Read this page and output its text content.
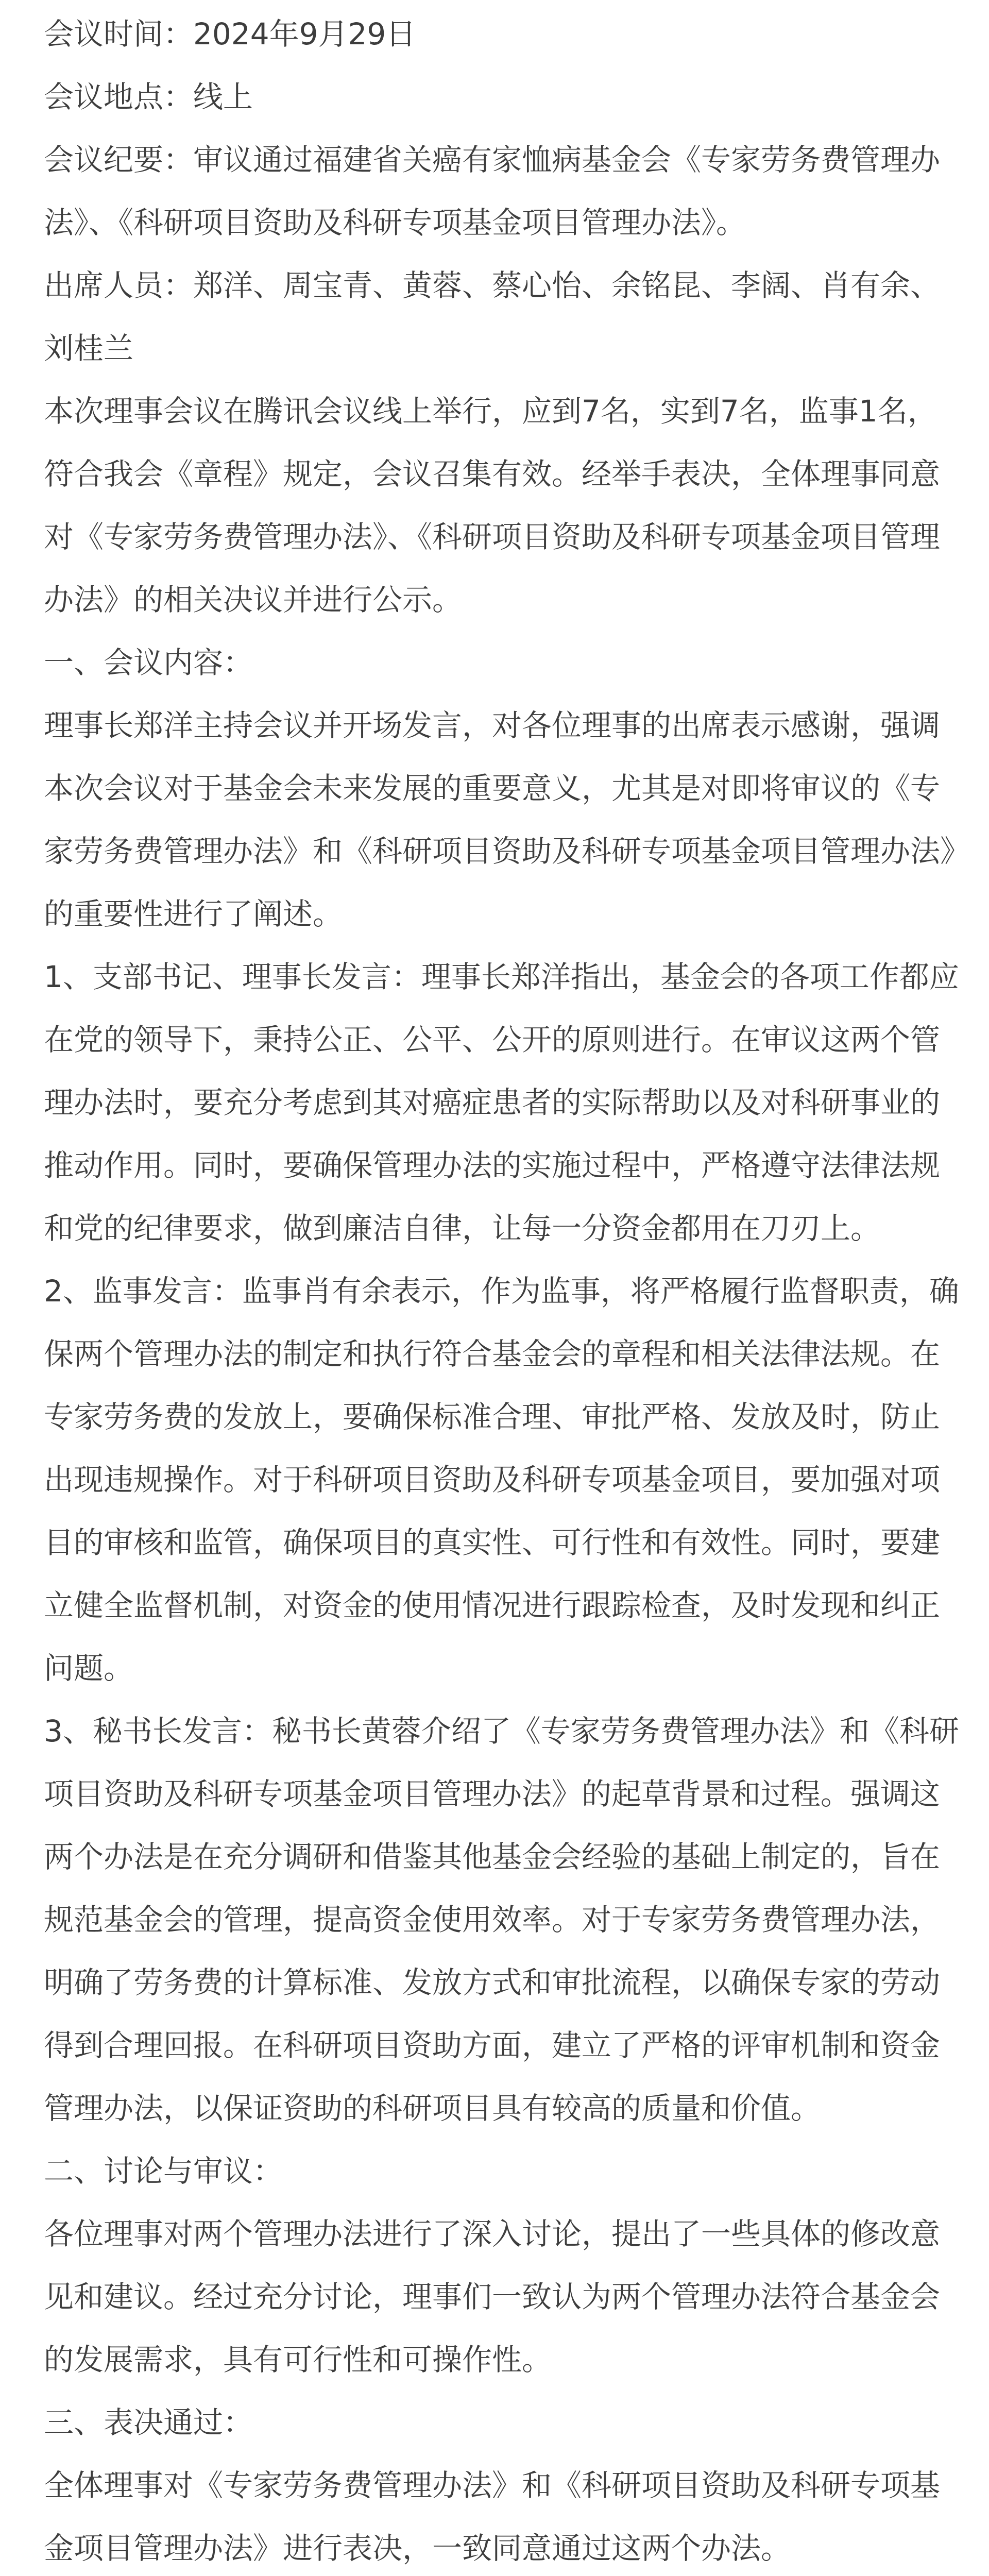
会议时间：2024年9月29日

会议地点：线上

会议纪要：审议通过福建省关癌有家恤病基金会《专家劳务费管理办法》、《科研项目资助及科研专项基金项目管理办法》。

出席人员：郑洋、周宝青、黄蓉、蔡心怡、余铭昆、李阔、肖有余、刘桂兰

本次理事会议在腾讯会议线上举行，应到7名，实到7名，监事1名，符合我会《章程》规定，会议召集有效。经举手表决，全体理事同意对《专家劳务费管理办法》、《科研项目资助及科研专项基金项目管理办法》的相关决议并进行公示。

一、会议内容：

理事长郑洋主持会议并开场发言，对各位理事的出席表示感谢，强调本次会议对于基金会未来发展的重要意义，尤其是对即将审议的《专家劳务费管理办法》和《科研项目资助及科研专项基金项目管理办法》的重要性进行了阐述。

1、支部书记、理事长发言：理事长郑洋指出，基金会的各项工作都应在党的领导下，秉持公正、公平、公开的原则进行。在审议这两个管理办法时，要充分考虑到其对癌症患者的实际帮助以及对科研事业的推动作用。同时，要确保管理办法的实施过程中，严格遵守法律法规和党的纪律要求，做到廉洁自律，让每一分资金都用在刀刃上。

2、监事发言：监事肖有余表示，作为监事，将严格履行监督职责，确保两个管理办法的制定和执行符合基金会的章程和相关法律法规。在专家劳务费的发放上，要确保标准合理、审批严格、发放及时，防止出现违规操作。对于科研项目资助及科研专项基金项目，要加强对项目的审核和监管，确保项目的真实性、可行性和有效性。同时，要建立健全监督机制，对资金的使用情况进行跟踪检查，及时发现和纠正问题。

3、秘书长发言：秘书长黄蓉介绍了《专家劳务费管理办法》和《科研项目资助及科研专项基金项目管理办法》的起草背景和过程。强调这两个办法是在充分调研和借鉴其他基金会经验的基础上制定的，旨在规范基金会的管理，提高资金使用效率。对于专家劳务费管理办法，明确了劳务费的计算标准、发放方式和审批流程，以确保专家的劳动得到合理回报。在科研项目资助方面，建立了严格的评审机制和资金管理办法，以保证资助的科研项目具有较高的质量和价值。

二、讨论与审议：

各位理事对两个管理办法进行了深入讨论，提出了一些具体的修改意见和建议。经过充分讨论，理事们一致认为两个管理办法符合基金会的发展需求，具有可行性和可操作性。

三、表决通过：

全体理事对《专家劳务费管理办法》和《科研项目资助及科研专项基金项目管理办法》进行表决，一致同意通过这两个办法。
